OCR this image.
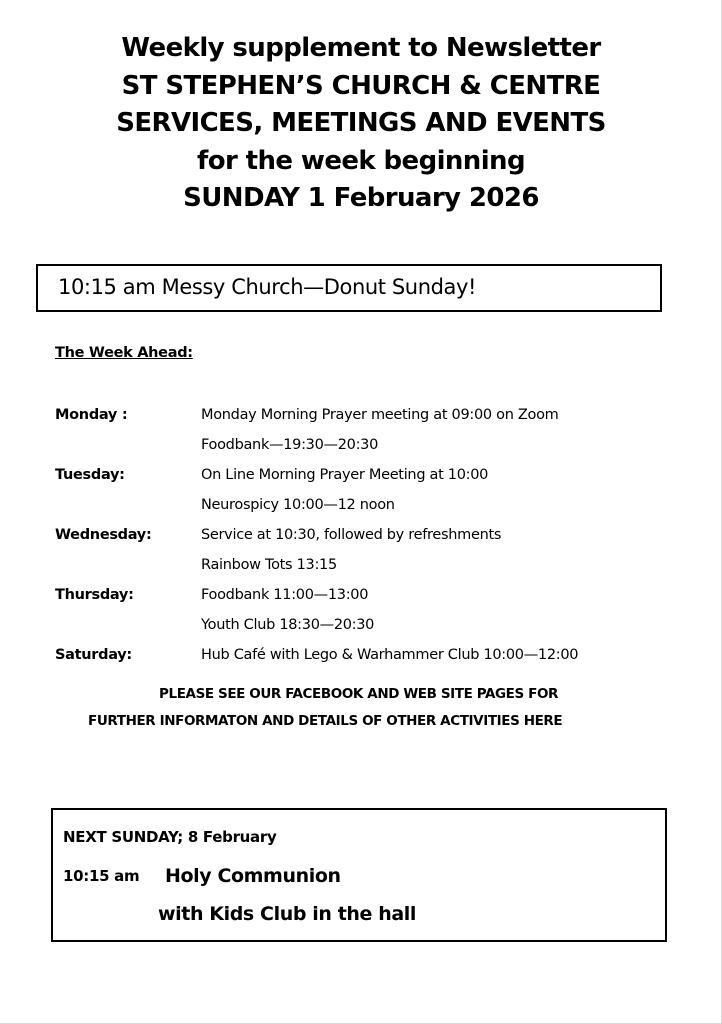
Weekly supplement to Newsletter
ST STEPHEN’S CHURCH & CENTRE
SERVICES, MEETINGS AND EVENTS
for the week beginning
SUNDAY 1 February 2026
10:15 am Messy Church—Donut Sunday!
The Week Ahead:
Monday :	Monday Morning Prayer meeting at 09:00 on Zoom
Foodbank—19:30—20:30
Tuesday:	On Line Morning Prayer Meeting at 10:00
Neurospicy 10:00—12 noon
Wednesday:	Service at 10:30, followed by refreshments
Rainbow Tots 13:15
Thursday:	Foodbank 11:00—13:00
Youth Club 18:30—20:30
Saturday:	Hub Café with Lego & Warhammer Club 10:00—12:00
PLEASE SEE OUR FACEBOOK AND WEB SITE PAGES FOR
FURTHER INFORMATON AND DETAILS OF OTHER ACTIVITIES HERE
NEXT SUNDAY; 8 February
10:15 am Holy Communion
with Kids Club in the hall
